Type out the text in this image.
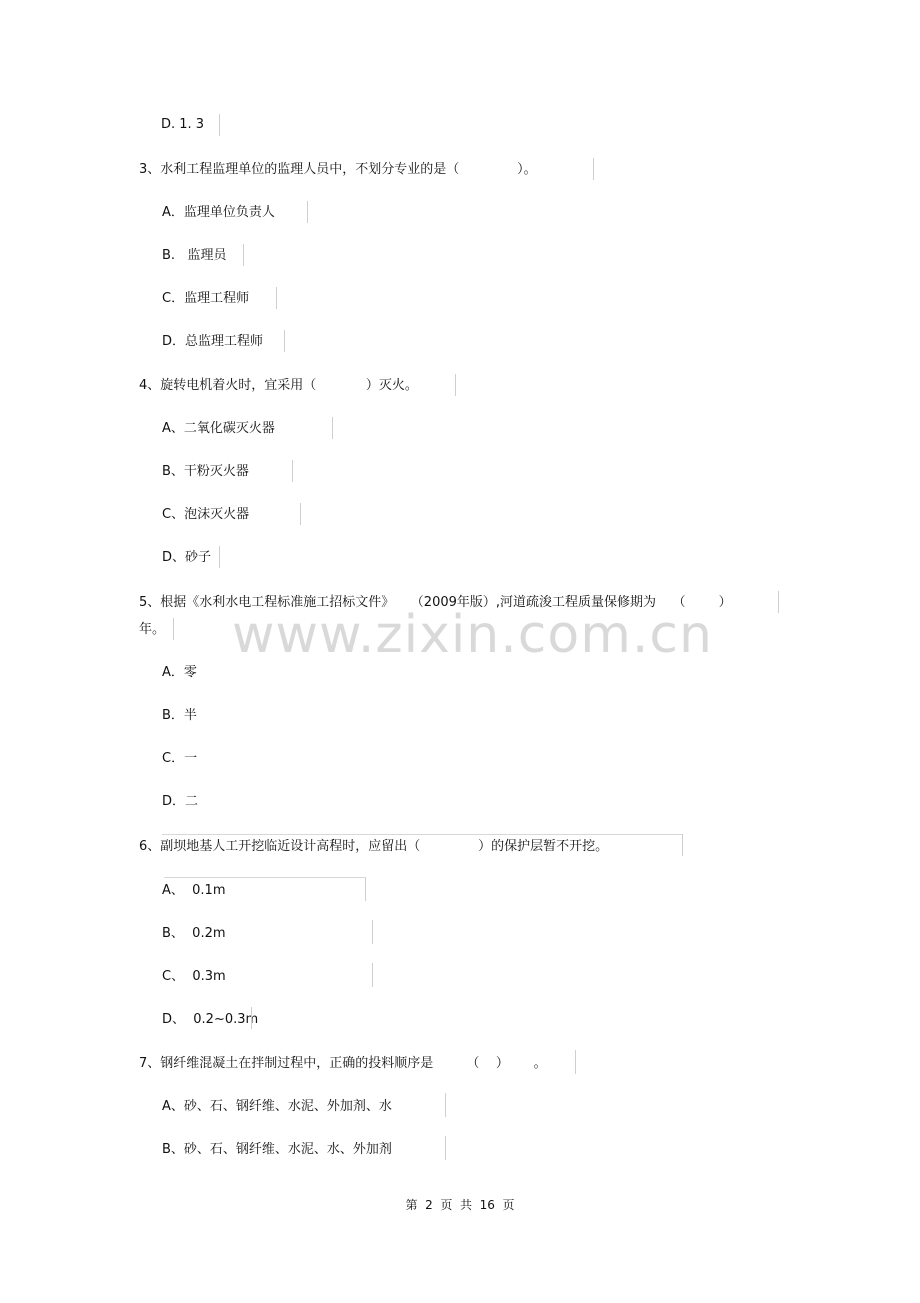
www.zixin.com.cn
D. 1. 3
3、水利工程监理单位的监理人员中，不划分专业的是（              ）。
A．监理单位负责人
B.   监理员
C．监理工程师
D．总监理工程师
4、旋转电机着火时，宜采用（            ）灭火。
A、二氧化碳灭火器
B、干粉灭火器
C、泡沫灭火器
D、砂子
5、根据《水利水电工程标准施工招标文件》    （2009年版）,河道疏浚工程质量保修期为    （        ）
年。
A．零
B．半
C．一
D．二
6、副坝地基人工开挖临近设计高程时，应留出（              ）的保护层暂不开挖。
A、  0.1m
B、  0.2m
C、  0.3m
D、  0.2~0.3m
7、钢纤维混凝土在拌制过程中，正确的投料顺序是        （    ）      。
A、砂、石、钢纤维、水泥、外加剂、水
B、砂、石、钢纤维、水泥、水、外加剂
第  2  页  共  16  页
